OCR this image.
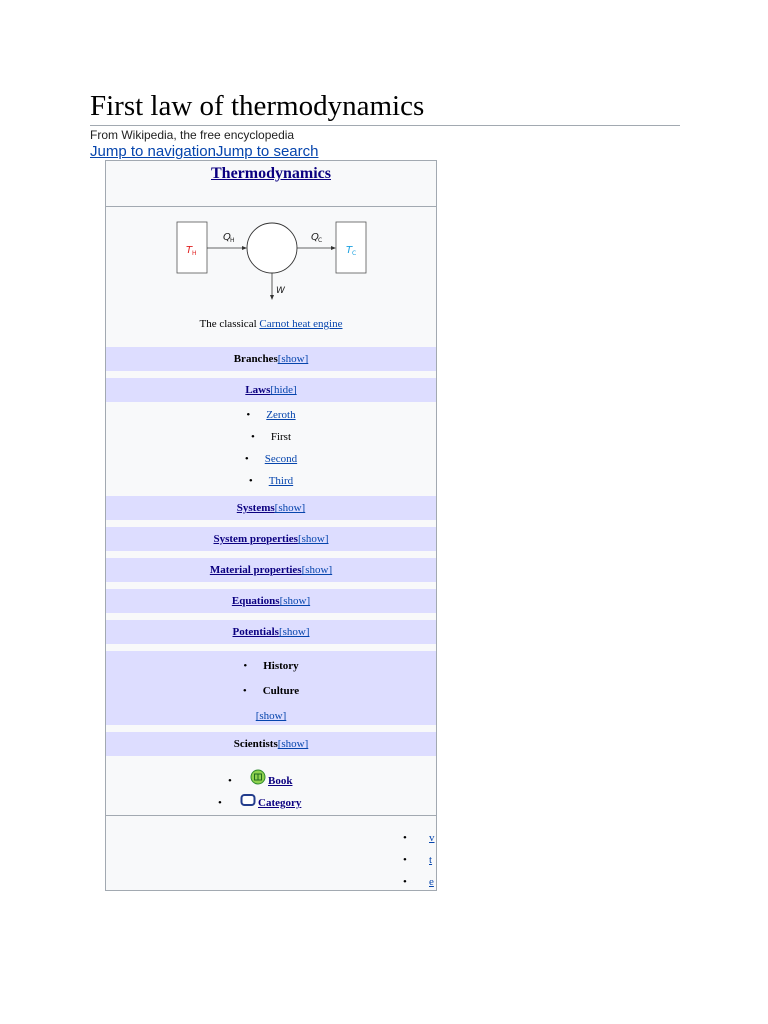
First law of thermodynamics
From Wikipedia, the free encyclopedia
Jump to navigationJump to search
Thermodynamics
T H	T C
Q H	Q C
W
The classical Carnot heat engine
Branches[show]
Laws[hide]
• Zeroth
• First
• Second
• Third
Systems[show]
System properties[show]
Material properties[show]
Equations[show]
Potentials[show]
• History
• Culture
[show]
Scientists[show]
•	Book
•	Category
• v
• t
• e
